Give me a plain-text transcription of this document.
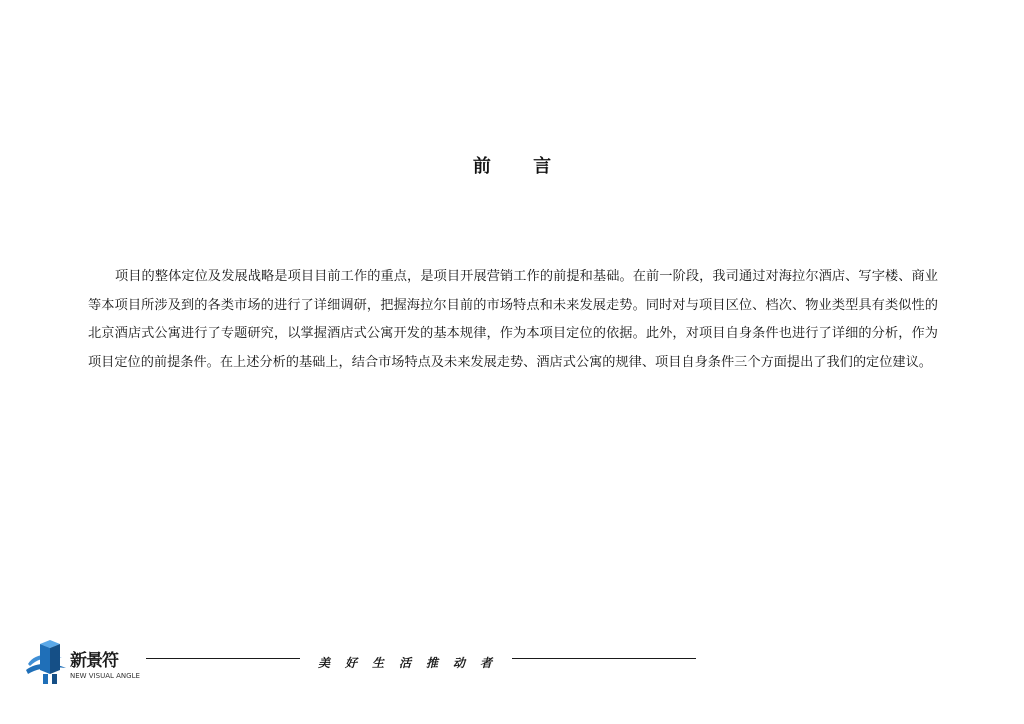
前 言

项目的整体定位及发展战略是项目目前工作的重点，是项目开展营销工作的前提和基础。在前一阶段，我司通过对海拉尔酒店、写字楼、商业等本项目所涉及到的各类市场的进行了详细调研，把握海拉尔目前的市场特点和未来发展走势。同时对与项目区位、档次、物业类型具有类似性的北京酒店式公寓进行了专题研究，以掌握酒店式公寓开发的基本规律，作为本项目定位的依据。此外，对项目自身条件也进行了详细的分析，作为项目定位的前提条件。在上述分析的基础上，结合市场特点及未来发展走势、酒店式公寓的规律、项目自身条件三个方面提出了我们的定位建议。

新景符
NEW VISUAL ANGLE
美好生活推动者
